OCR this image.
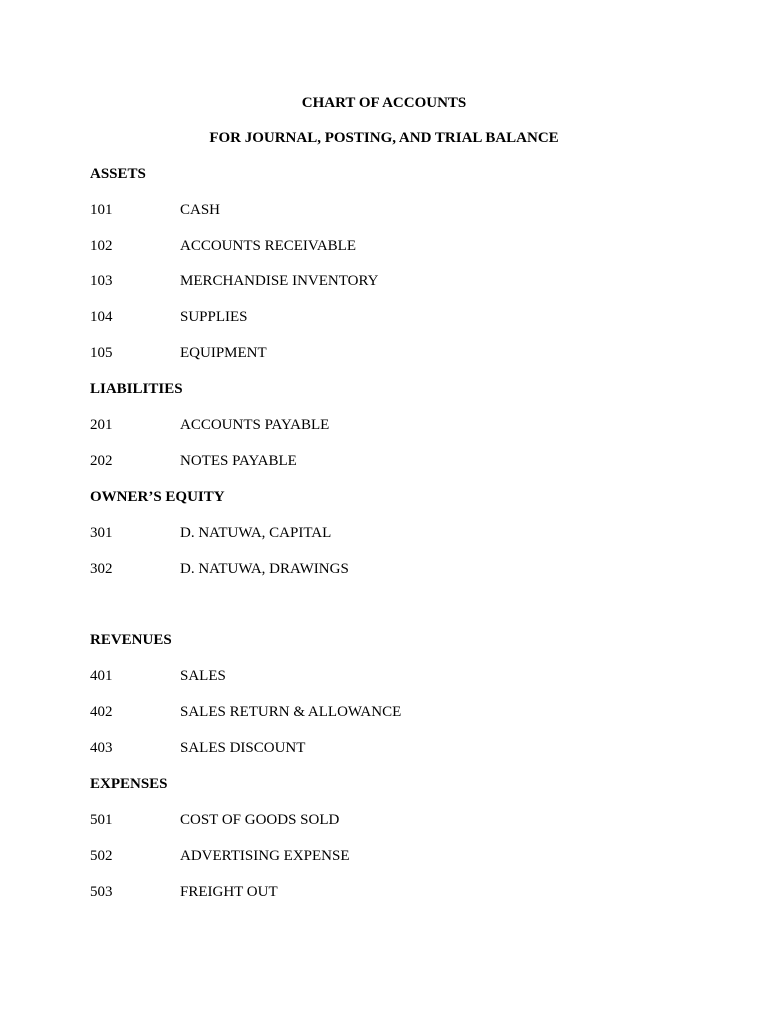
CHART OF ACCOUNTS
FOR JOURNAL, POSTING, AND TRIAL BALANCE
ASSETS
101	CASH
102	ACCOUNTS RECEIVABLE
103	MERCHANDISE INVENTORY
104	SUPPLIES
105	EQUIPMENT
LIABILITIES
201	ACCOUNTS PAYABLE
202	NOTES PAYABLE
OWNER’S EQUITY
301	D. NATUWA, CAPITAL
302	D. NATUWA, DRAWINGS
REVENUES
401	SALES
402	SALES RETURN & ALLOWANCE
403	SALES DISCOUNT
EXPENSES
501	COST OF GOODS SOLD
502	ADVERTISING EXPENSE
503	FREIGHT OUT
